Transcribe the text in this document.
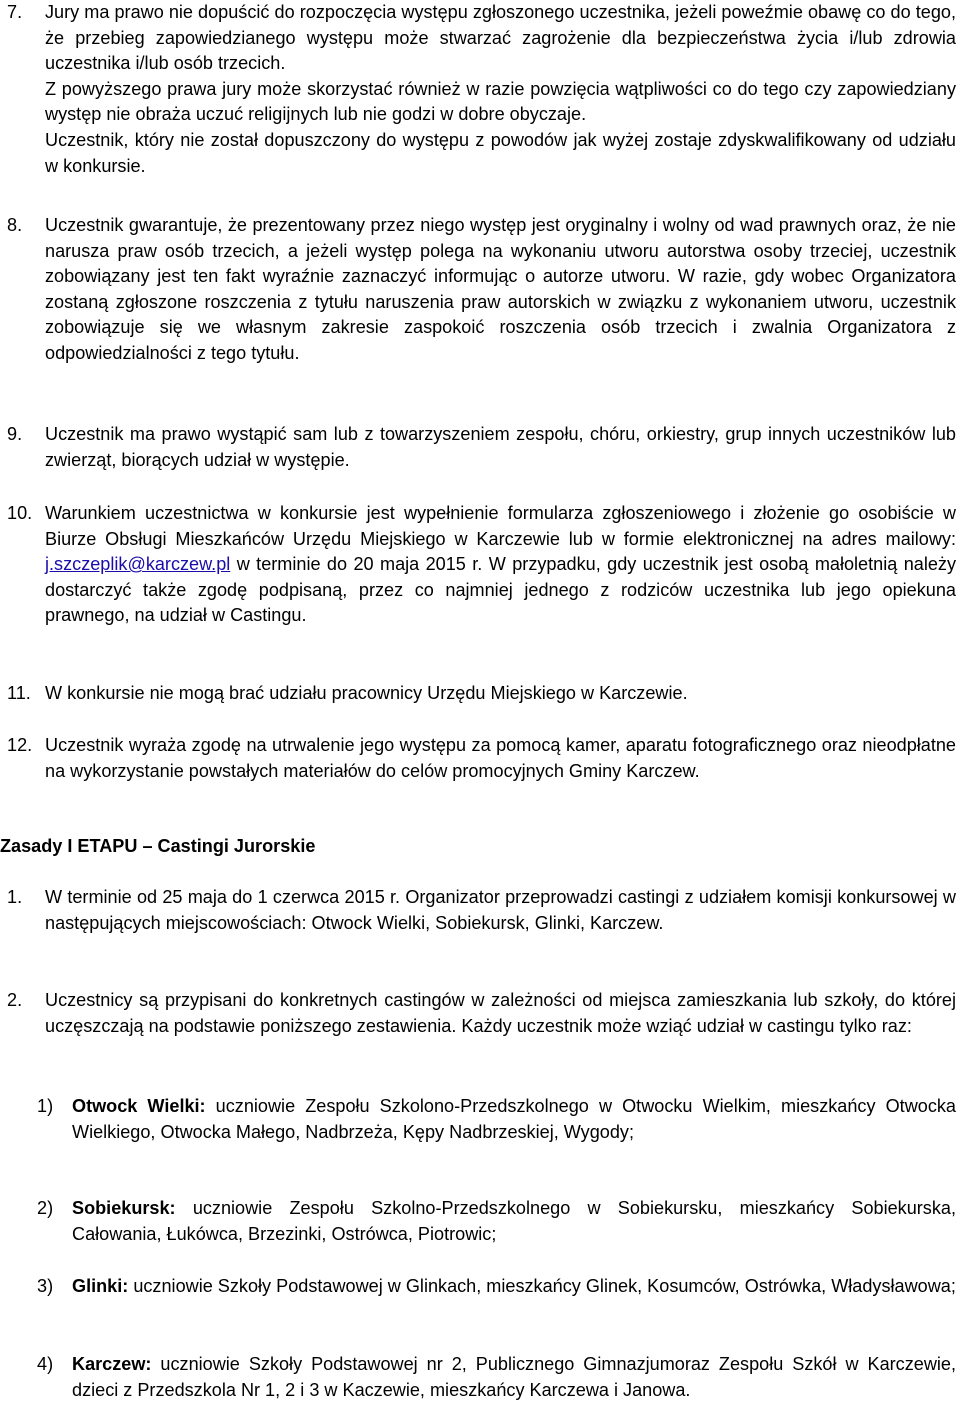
7. Jury ma prawo nie dopuścić do rozpoczęcia występu zgłoszonego uczestnika, jeżeli poweźmie obawę co do tego, że przebieg zapowiedzianego występu może stwarzać zagrożenie dla bezpieczeństwa życia i/lub zdrowia uczestnika i/lub osób trzecich.

Z powyższego prawa jury może skorzystać również w razie powzięcia wątpliwości co do tego czy zapowiedziany występ nie obraża uczuć religijnych lub nie godzi w dobre obyczaje.

Uczestnik, który nie został dopuszczony do występu z powodów jak wyżej zostaje zdyskwalifikowany od udziału w konkursie.

8. Uczestnik gwarantuje, że prezentowany przez niego występ jest oryginalny i wolny od wad prawnych oraz, że nie narusza praw osób trzecich, a jeżeli występ polega na wykonaniu utworu autorstwa osoby trzeciej, uczestnik zobowiązany jest ten fakt wyraźnie zaznaczyć informując o autorze utworu. W razie, gdy wobec Organizatora zostaną zgłoszone roszczenia z tytułu naruszenia praw autorskich w związku z wykonaniem utworu, uczestnik zobowiązuje się we własnym zakresie zaspokoić roszczenia osób trzecich i zwalnia Organizatora z odpowiedzialności z tego tytułu.

9. Uczestnik ma prawo wystąpić sam lub z towarzyszeniem zespołu, chóru, orkiestry, grup innych uczestników lub zwierząt, biorących udział w występie.

10. Warunkiem uczestnictwa w konkursie jest wypełnienie formularza zgłoszeniowego i złożenie go osobiście w Biurze Obsługi Mieszkańców Urzędu Miejskiego w Karczewie lub w formie elektronicznej na adres mailowy: j.szczeplik@karczew.pl w terminie do 20 maja 2015 r. W przypadku, gdy uczestnik jest osobą małoletnią należy dostarczyć także zgodę podpisaną, przez co najmniej jednego z rodziców uczestnika lub jego opiekuna prawnego, na udział w Castingu.

11. W konkursie nie mogą brać udziału pracownicy Urzędu Miejskiego w Karczewie.

12. Uczestnik wyraża zgodę na utrwalenie jego występu za pomocą kamer, aparatu fotograficznego oraz nieodpłatne na wykorzystanie powstałych materiałów do celów promocyjnych Gminy Karczew.

Zasady I ETAPU – Castingi Jurorskie
1. W terminie od 25 maja do 1 czerwca 2015 r. Organizator przeprowadzi castingi z udziałem komisji konkursowej w następujących miejscowościach: Otwock Wielki, Sobiekursk, Glinki, Karczew.

2. Uczestnicy są przypisani do konkretnych castingów w zależności od miejsca zamieszkania lub szkoły, do której uczęszczają na podstawie poniższego zestawienia. Każdy uczestnik może wziąć udział w castingu tylko raz:

1) Otwock Wielki: uczniowie Zespołu Szkolono-Przedszkolnego w Otwocku Wielkim, mieszkańcy Otwocka Wielkiego, Otwocka Małego, Nadbrzeża, Kępy Nadbrzeskiej, Wygody;
2) Sobiekursk: uczniowie Zespołu Szkolno-Przedszkolnego w Sobiekursku, mieszkańcy Sobiekurska, Całowania, Łukówca, Brzezinki, Ostrówca, Piotrowic;
3) Glinki: uczniowie Szkoły Podstawowej w Glinkach, mieszkańcy Glinek, Kosumców, Ostrówka, Władysławowa;
4) Karczew: uczniowie Szkoły Podstawowej nr 2, Publicznego Gimnazjumoraz Zespołu Szkół w Karczewie, dzieci z Przedszkola Nr 1, 2 i 3 w Kaczewie, mieszkańcy Karczewa i Janowa.
